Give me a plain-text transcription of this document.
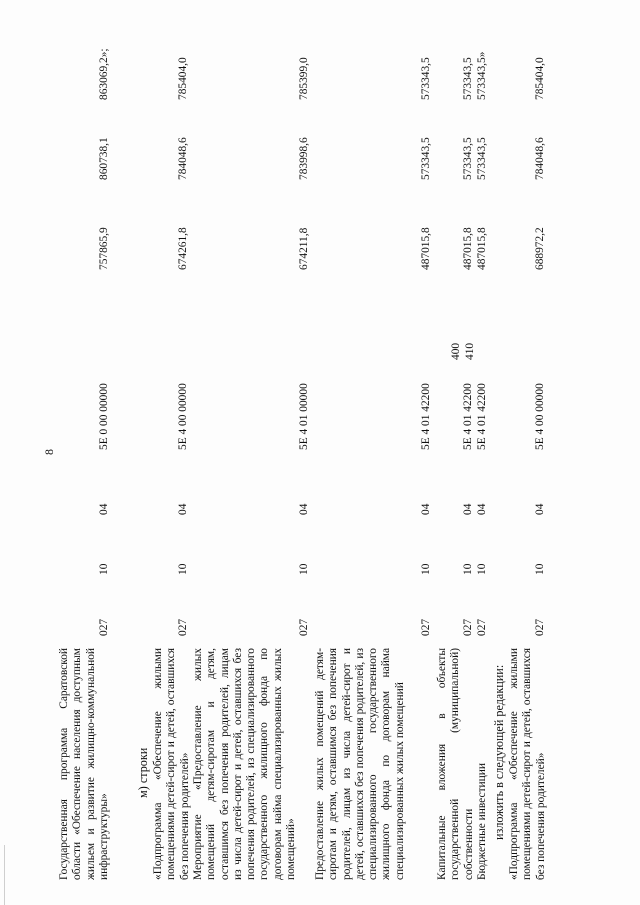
8
Государственная программа Саратовской области «Обеспечение населения доступным жильем и развитие жилищно-коммунальной инфраструктуры»
027
10
04
5Е 0 00 00000
757865,9
860738,1
863069,2»;
м) строки «Подпрограмма «Обеспечение жилыми помещениями детей-сирот и детей, оставшихся без попечения родителей»
027
10
04
5Е 4 00 00000
674261,8
784048,6
785404,0
Мероприятие «Предоставление жилых помещений детям-сиротам и детям, оставшимся без попечения родителей, лицам из числа детей-сирот и детей, оставшихся без попечения родителей, из специализированного государственного жилищного фонда по договорам найма специализированных жилых помещений»
027
10
04
5Е 4 01 00000
674211,8
783998,6
785399,0
Предоставление жилых помещений детям-сиротам и детям, оставшимся без попечения родителей, лицам из числа детей-сирот и детей, оставшихся без попечения родителей, из специализированного государственного жилищного фонда по договорам найма специализированных жилых помещений
027
10
04
5Е 4 01 42200
487015,8
573343,5
573343,5
Капитальные вложения в объекты государственной (муниципальной) собственности
027
10
04
5Е 4 01 42200
400
487015,8
573343,5
573343,5
Бюджетные инвестиции
027
10
04
5Е 4 01 42200
410
487015,8
573343,5
573343,5»
изложить в следующей редакции: «Подпрограмма «Обеспечение жилыми помещениями детей-сирот и детей, оставшихся без попечения родителей»
027
10
04
5Е 4 00 00000
688972,2
784048,6
785404,0
